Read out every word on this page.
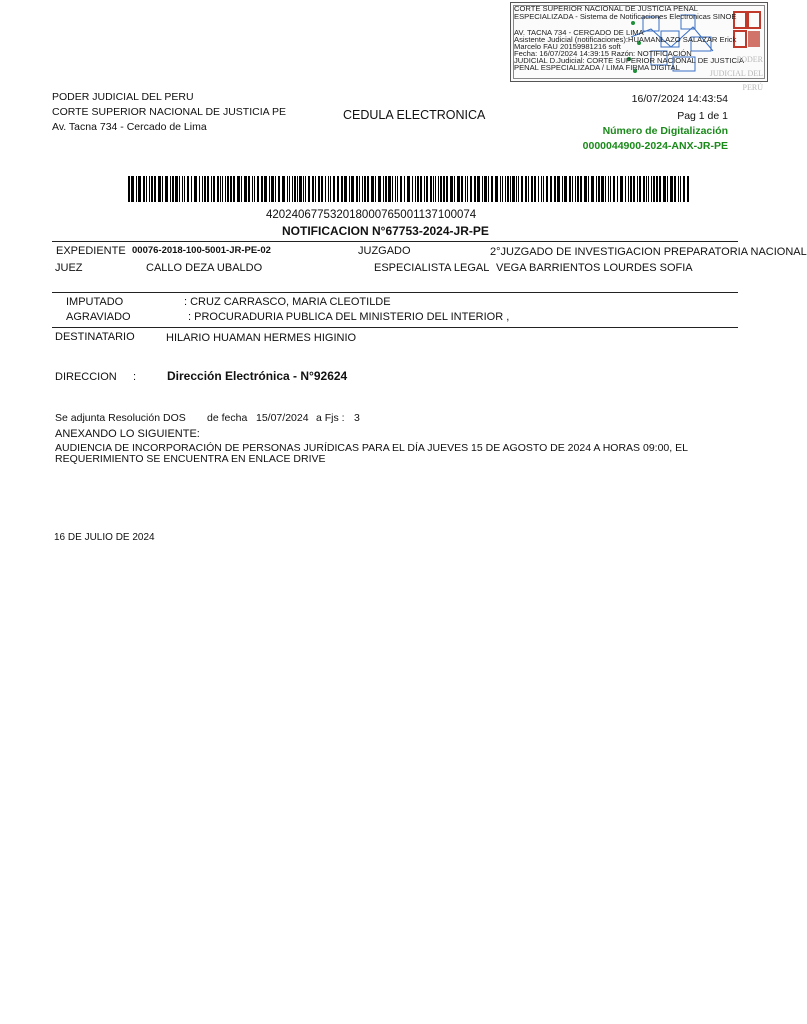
CORTE SUPERIOR NACIONAL DE JUSTICIA PENAL
ESPECIALIZADA - Sistema de Notificaciones Electronicas SINOE
AV. TACNA 734 - CERCADO DE LIMA
Asistente Judicial (notificaciones):HUAMANLAZO SALAZAR Erick
Marcelo FAU 20159981216 soft
Fecha: 16/07/2024 14:39:15 Razón: NOTIFICACIÓN
JUDICIAL D.Judicial: CORTE SUPERIOR NACIONAL DE JUSTICIA
PENAL ESPECIALIZADA / LIMA FIRMA DIGITAL
PODER JUDICIAL DEL PERÚ
PODER JUDICIAL DEL PERU
CORTE SUPERIOR NACIONAL DE JUSTICIA PE
Av. Tacna 734 - Cercado de Lima
CEDULA ELECTRONICA
16/07/2024 14:43:54
Pag 1 de 1
Número de Digitalización
0000044900-2024-ANX-JR-PE
420240677532018000765001137100074
NOTIFICACION N°67753-2024-JR-PE
EXPEDIENTE 00076-2018-100-5001-JR-PE-02	JUZGADO	2°JUZGADO DE INVESTIGACION PREPARATORIA NACIONAL
JUEZ	CALLO DEZA UBALDO	ESPECIALISTA LEGAL VEGA BARRIENTOS LOURDES SOFIA
IMPUTADO	: CRUZ CARRASCO, MARIA CLEOTILDE
AGRAVIADO	: PROCURADURIA PUBLICA DEL MINISTERIO DEL INTERIOR ,
DESTINATARIO	HILARIO HUAMAN HERMES HIGINIO
DIRECCION :	Dirección Electrónica - N°92624
Se adjunta Resolución DOS de fecha 15/07/2024 a Fjs : 3
ANEXANDO LO SIGUIENTE:
AUDIENCIA DE INCORPORACIÓN DE PERSONAS JURÍDICAS PARA EL DÍA JUEVES 15 DE AGOSTO DE 2024 A HORAS 09:00, EL
REQUERIMIENTO SE ENCUENTRA EN ENLACE DRIVE
16 DE JULIO DE 2024
